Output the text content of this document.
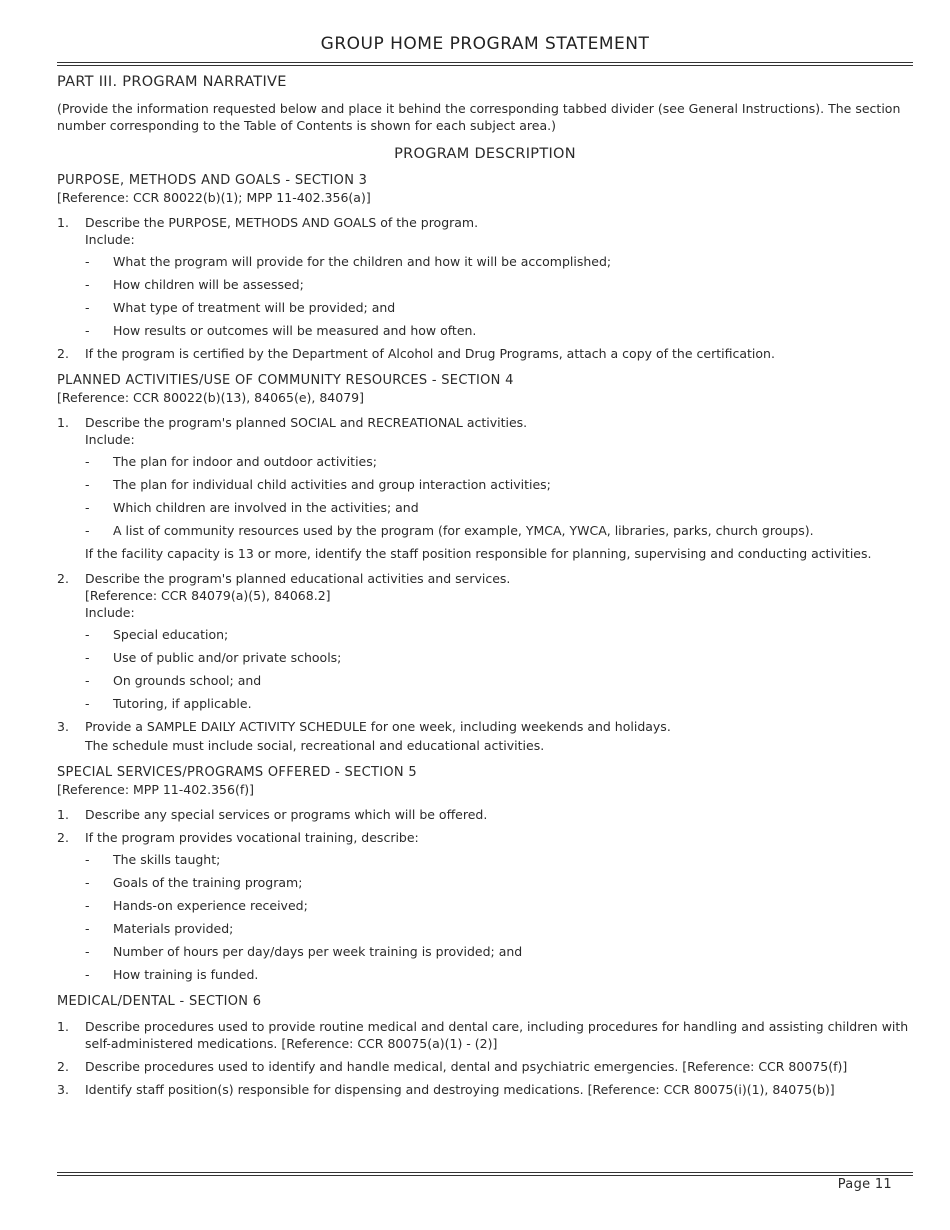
GROUP HOME PROGRAM STATEMENT
PART III. PROGRAM NARRATIVE
(Provide the information requested below and place it behind the corresponding tabbed divider (see General Instructions). The section number corresponding to the Table of Contents is shown for each subject area.)
PROGRAM DESCRIPTION
PURPOSE, METHODS AND GOALS - SECTION 3
[Reference: CCR 80022(b)(1); MPP 11-402.356(a)]
1. Describe the PURPOSE, METHODS AND GOALS of the program.
Include:
- What the program will provide for the children and how it will be accomplished;
- How children will be assessed;
- What type of treatment will be provided; and
- How results or outcomes will be measured and how often.
2. If the program is certified by the Department of Alcohol and Drug Programs, attach a copy of the certification.
PLANNED ACTIVITIES/USE OF COMMUNITY RESOURCES - SECTION 4
[Reference: CCR 80022(b)(13), 84065(e), 84079]
1. Describe the program's planned SOCIAL and RECREATIONAL activities.
Include:
- The plan for indoor and outdoor activities;
- The plan for individual child activities and group interaction activities;
- Which children are involved in the activities; and
- A list of community resources used by the program (for example, YMCA, YWCA, libraries, parks, church groups).
If the facility capacity is 13 or more, identify the staff position responsible for planning, supervising and conducting activities.
2. Describe the program's planned educational activities and services.
[Reference: CCR 84079(a)(5), 84068.2]
Include:
- Special education;
- Use of public and/or private schools;
- On grounds school; and
- Tutoring, if applicable.
3. Provide a SAMPLE DAILY ACTIVITY SCHEDULE for one week, including weekends and holidays.
The schedule must include social, recreational and educational activities.
SPECIAL SERVICES/PROGRAMS OFFERED - SECTION 5
[Reference: MPP 11-402.356(f)]
1. Describe any special services or programs which will be offered.
2. If the program provides vocational training, describe:
- The skills taught;
- Goals of the training program;
- Hands-on experience received;
- Materials provided;
- Number of hours per day/days per week training is provided; and
- How training is funded.
MEDICAL/DENTAL - SECTION 6
1. Describe procedures used to provide routine medical and dental care, including procedures for handling and assisting children with self-administered medications. [Reference: CCR 80075(a)(1) - (2)]
2. Describe procedures used to identify and handle medical, dental and psychiatric emergencies. [Reference: CCR 80075(f)]
3. Identify staff position(s) responsible for dispensing and destroying medications. [Reference: CCR 80075(i)(1), 84075(b)]
Page 11
